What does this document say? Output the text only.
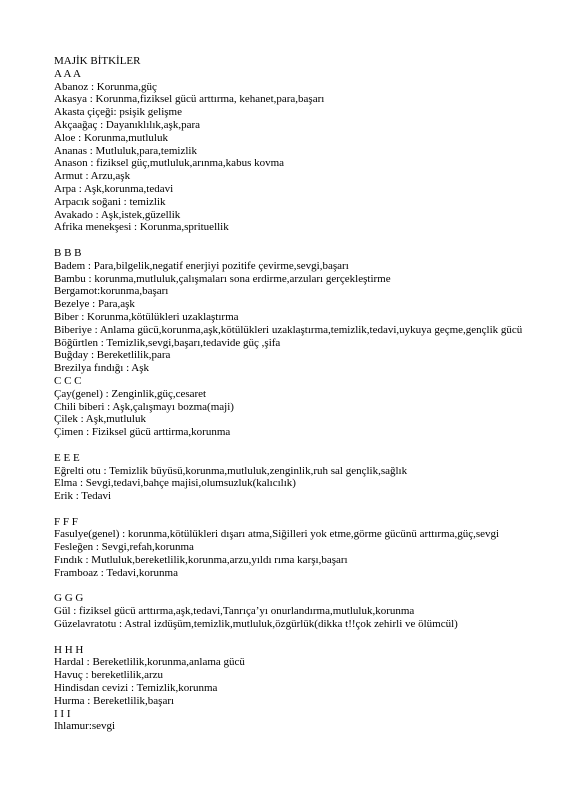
MAJİK BİTKİLER
A A A
Abanoz : Korunma,güç
Akasya : Korunma,fiziksel gücü arttırma, kehanet,para,başarı
Akasta çiçeği: psişik gelişme
Akçaağaç : Dayanıklılık,aşk,para
Aloe : Korunma,mutluluk
Ananas : Mutluluk,para,temizlik
Anason : fiziksel güç,mutluluk,arınma,kabus kovma
Armut : Arzu,aşk
Arpa : Aşk,korunma,tedavi
Arpacık soğani : temizlik
Avakado : Aşk,istek,güzellik
Afrika menekşesi : Korunma,sprituellik
B B B
Badem : Para,bilgelik,negatif enerjiyi pozitife çevirme,sevgi,başarı
Bambu : korunma,mutluluk,çalışmaları sona erdirme,arzuları gerçekleştirme
Bergamot:korunma,başarı
Bezelye : Para,aşk
Biber : Korunma,kötülükleri uzaklaştırma
Biberiye : Anlama gücü,korunma,aşk,kötülükleri uzaklaştırma,temizlik,tedavi,uykuya geçme,gençlik gücü
Böğürtlen : Temizlik,sevgi,başarı,tedavide güç ,şifa
Buğday : Bereketlilik,para
Brezilya fındığı : Aşk
C C C
Çay(genel) : Zenginlik,güç,cesaret
Chili biberi : Aşk,çalışmayı bozma(maji)
Çilek : Aşk,mutluluk
Çimen : Fiziksel gücü arttirma,korunma
E E E
Eğrelti otu : Temizlik büyüsü,korunma,mutluluk,zenginlik,ruh sal gençlik,sağlık
Elma : Sevgi,tedavi,bahçe majisi,olumsuzluk(kalıcılık)
Erik : Tedavi
F F F
Fasulye(genel) : korunma,kötülükleri dışarı atma,Siğilleri yok etme,görme gücünü arttırma,güç,sevgi
Fesleğen : Sevgi,refah,korunma
Fındık : Mutluluk,bereketlilik,korunma,arzu,yıldı rıma karşı,başarı
Framboaz : Tedavi,korunma
G G G
Gül : fiziksel gücü arttırma,aşk,tedavi,Tanrıça’yı onurlandırma,mutluluk,korunma
Güzelavratotu : Astral izdüşüm,temizlik,mutluluk,özgürlük(dikka t!!çok zehirli ve ölümcül)
H H H
Hardal : Bereketlilik,korunma,anlama gücü
Havuç : bereketlilik,arzu
Hindisdan cevizi : Temizlik,korunma
Hurma : Bereketlilik,başarı
I I I
Ihlamur:sevgi
